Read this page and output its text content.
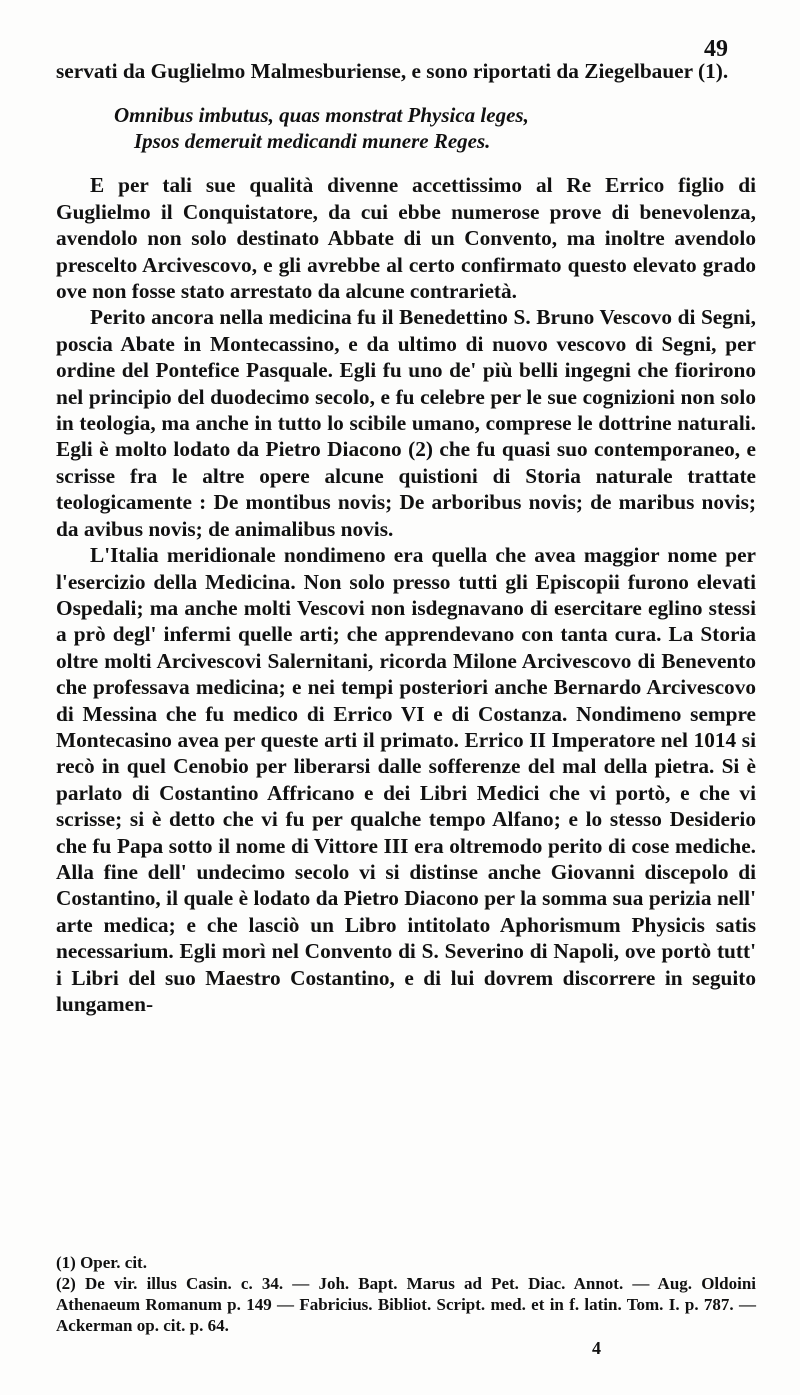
49

servati da Guglielmo Malmesburiense, e sono riportati da Ziegelbauer (1).

Omnibus imbutus, quas monstrat Physica leges,
Ipsos demeruit medicandi munere Reges.

E per tali sue qualità divenne accettissimo al Re Errico figlio di Guglielmo il Conquistatore, da cui ebbe numerose prove di benevolenza, avendolo non solo destinato Abbate di un Convento, ma inoltre avendolo prescelto Arcivescovo, e gli avrebbe al certo confirmato questo elevato grado ove non fosse stato arrestato da alcune contrarietà.

Perito ancora nella medicina fu il Benedettino S. Bruno Vescovo di Segni, poscia Abate in Montecassino, e da ultimo di nuovo vescovo di Segni, per ordine del Pontefice Pasquale. Egli fu uno de' più belli ingegni che fiorirono nel principio del duodecimo secolo, e fu celebre per le sue cognizioni non solo in teologia, ma anche in tutto lo scibile umano, comprese le dottrine naturali. Egli è molto lodato da Pietro Diacono (2) che fu quasi suo contemporaneo, e scrisse fra le altre opere alcune quistioni di Storia naturale trattate teologicamente : De montibus novis; De arboribus novis; de maribus novis; da avibus novis; de animalibus novis.

L'Italia meridionale nondimeno era quella che avea maggior nome per l'esercizio della Medicina. Non solo presso tutti gli Episcopii furono elevati Ospedali; ma anche molti Vescovi non isdegnavano di esercitare eglino stessi a prò degl' infermi quelle arti; che apprendevano con tanta cura. La Storia oltre molti Arcivescovi Salernitani, ricorda Milone Arcivescovo di Benevento che professava medicina; e nei tempi posteriori anche Bernardo Arcivescovo di Messina che fu medico di Errico VI e di Costanza. Nondimeno sempre Montecasino avea per queste arti il primato. Errico II Imperatore nel 1014 si recò in quel Cenobio per liberarsi dalle sofferenze del mal della pietra. Si è parlato di Costantino Affricano e dei Libri Medici che vi portò, e che vi scrisse; si è detto che vi fu per qualche tempo Alfano; e lo stesso Desiderio che fu Papa sotto il nome di Vittore III era oltremodo perito di cose mediche. Alla fine dell' undecimo secolo vi si distinse anche Giovanni discepolo di Costantino, il quale è lodato da Pietro Diacono per la somma sua perizia nell' arte medica; e che lasciò un Libro intitolato Aphorismum Physicis satis necessarium. Egli morì nel Convento di S. Severino di Napoli, ove portò tutt' i Libri del suo Maestro Costantino, e di lui dovrem discorrere in seguito lungamen-

(1) Oper. cit.
(2) De vir. illus Casin. c. 34. — Joh. Bapt. Marus ad Pet. Diac. Annot. — Aug. Oldoini Athenaeum Romanum p. 149 — Fabricius. Bibliot. Script. med. et in f. latin. Tom. I. p. 787. — Ackerman op. cit. p. 64.
4
